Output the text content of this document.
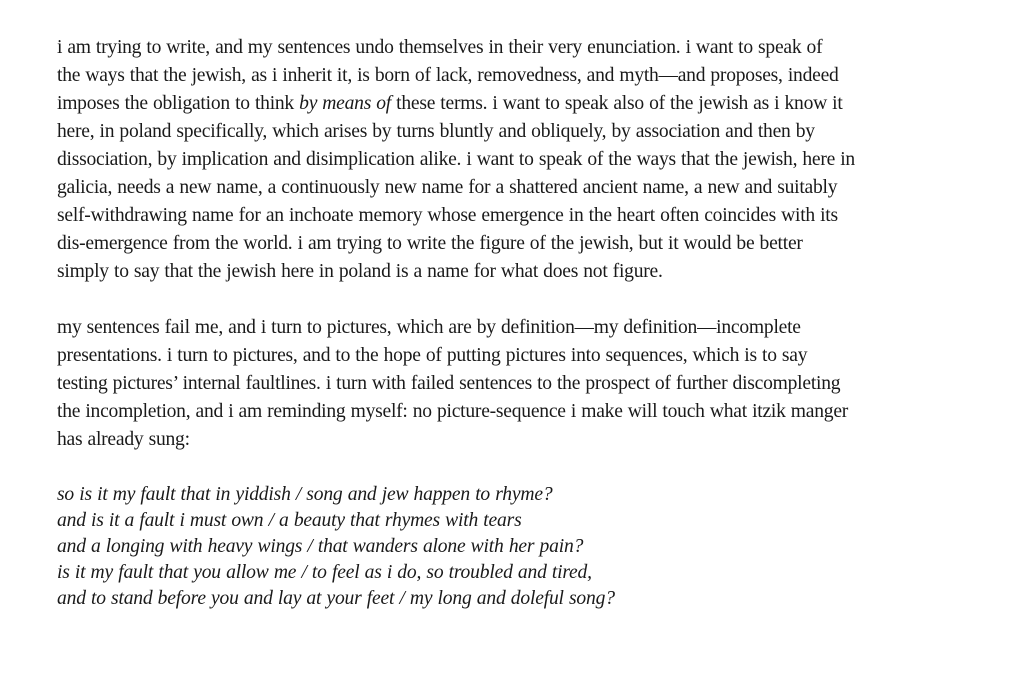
i am trying to write, and my sentences undo themselves in their very enunciation. i want to speak of
the ways that the jewish, as i inherit it, is born of lack, removedness, and myth––and proposes, indeed
imposes the obligation to think by means of these terms. i want to speak also of the jewish as i know it
here, in poland specifically, which arises by turns bluntly and obliquely, by association and then by
dissociation, by implication and disimplication alike. i want to speak of the ways that the jewish, here in
galicia, needs a new name, a continuously new name for a shattered ancient name, a new and suitably
self-withdrawing name for an inchoate memory whose emergence in the heart often coincides with its
dis-emergence from the world. i am trying to write the figure of the jewish, but it would be better
simply to say that the jewish here in poland is a name for what does not figure.

my sentences fail me, and i turn to pictures, which are by definition––my definition––incomplete
presentations. i turn to pictures, and to the hope of putting pictures into sequences, which is to say
testing pictures’ internal faultlines. i turn with failed sentences to the prospect of further discompleting
the incompletion, and i am reminding myself: no picture-sequence i make will touch what itzik manger
has already sung:

so is it my fault that in yiddish / song and jew happen to rhyme?
and is it a fault i must own / a beauty that rhymes with tears
and a longing with heavy wings / that wanders alone with her pain?
is it my fault that you allow me / to feel as i do, so troubled and tired,
and to stand before you and lay at your feet / my long and doleful song?
